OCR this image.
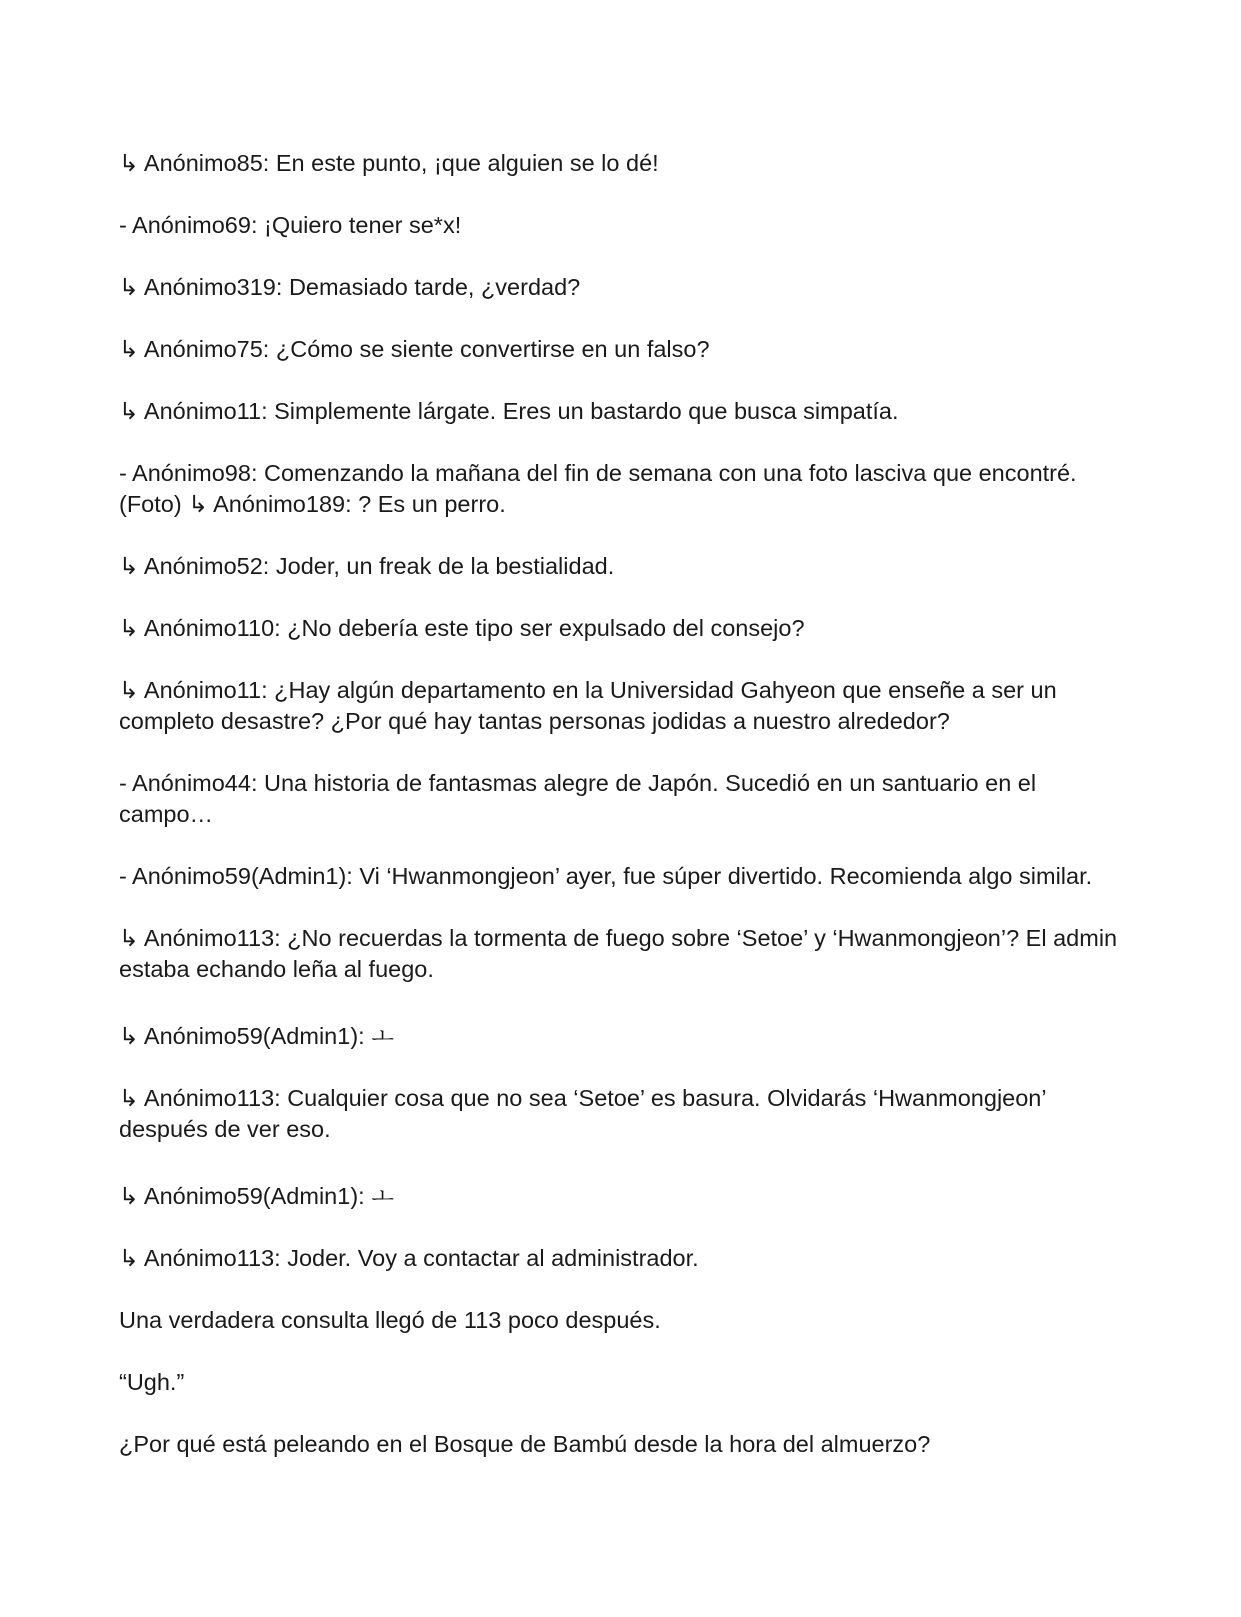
↳ Anónimo85: En este punto, ¡que alguien se lo dé!

- Anónimo69: ¡Quiero tener se*x!

↳ Anónimo319: Demasiado tarde, ¿verdad?

↳ Anónimo75: ¿Cómo se siente convertirse en un falso?

↳ Anónimo11: Simplemente lárgate. Eres un bastardo que busca simpatía.

- Anónimo98: Comenzando la mañana del fin de semana con una foto lasciva que encontré. (Foto) ↳ Anónimo189: ? Es un perro.

↳ Anónimo52: Joder, un freak de la bestialidad.

↳ Anónimo110: ¿No debería este tipo ser expulsado del consejo?

↳ Anónimo11: ¿Hay algún departamento en la Universidad Gahyeon que enseñe a ser un completo desastre? ¿Por qué hay tantas personas jodidas a nuestro alrededor?

- Anónimo44: Una historia de fantasmas alegre de Japón. Sucedió en un santuario en el campo…

- Anónimo59(Admin1): Vi ‘Hwanmongjeon’ ayer, fue súper divertido. Recomienda algo similar.

↳ Anónimo113: ¿No recuerdas la tormenta de fuego sobre ‘Setoe’ y ‘Hwanmongjeon’? El admin estaba echando leña al fuego.

↳ Anónimo59(Admin1): ㅗ

↳ Anónimo113: Cualquier cosa que no sea ‘Setoe’ es basura. Olvidarás ‘Hwanmongjeon’ después de ver eso.

↳ Anónimo59(Admin1): ㅗ

↳ Anónimo113: Joder. Voy a contactar al administrador.

Una verdadera consulta llegó de 113 poco después.

“Ugh.”

¿Por qué está peleando en el Bosque de Bambú desde la hora del almuerzo?
